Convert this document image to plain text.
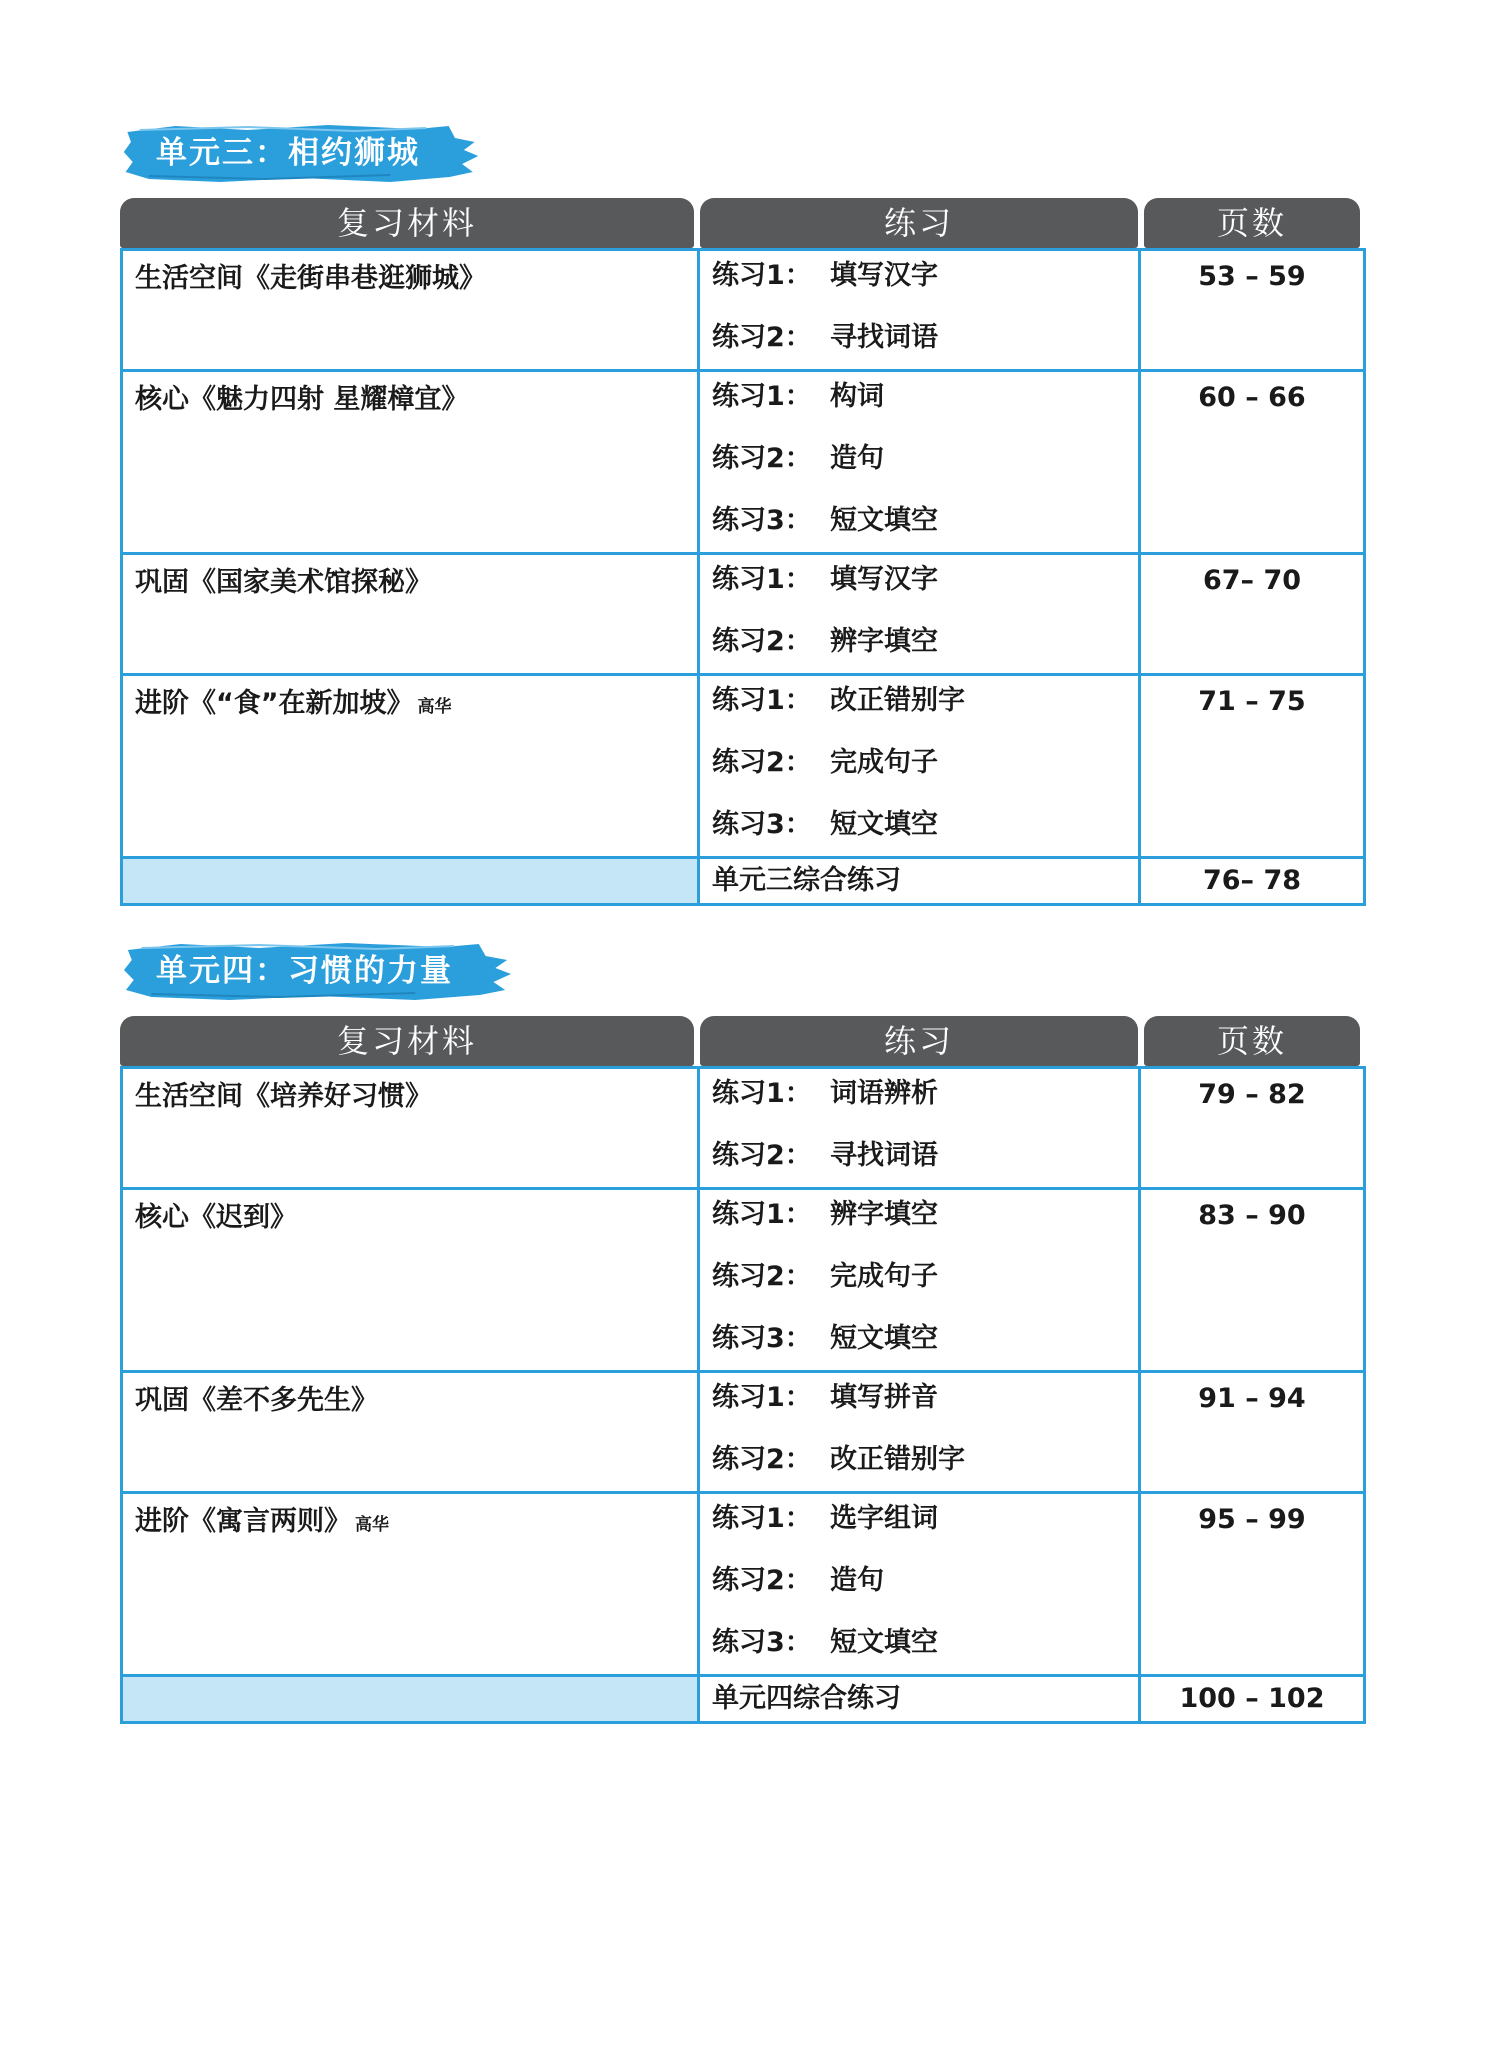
单元三：相约狮城
复习材料	练习	页数
生活空间《走街串巷逛狮城》	练习1： 填写汉字
练习2： 寻找词语	53 – 59

核心《魅力四射 星耀樟宜》	练习1： 构词
练习2： 造句
练习3： 短文填空	60 – 66

巩固《国家美术馆探秘》	练习1： 填写汉字
练习2： 辨字填空	67– 70

进阶《“食”在新加坡》 高华	练习1： 改正错别字
练习2： 完成句子
练习3： 短文填空	71 – 75

	单元三综合练习	76– 78
单元四：习惯的力量
复习材料	练习	页数
生活空间《培养好习惯》	练习1： 词语辨析
练习2： 寻找词语	79 – 82

核心《迟到》	练习1： 辨字填空
练习2： 完成句子
练习3： 短文填空	83 – 90

巩固《差不多先生》	练习1： 填写拼音
练习2： 改正错别字	91 – 94

进阶《寓言两则》 高华	练习1： 选字组词
练习2： 造句
练习3： 短文填空	95 – 99

	单元四综合练习	100 – 102
